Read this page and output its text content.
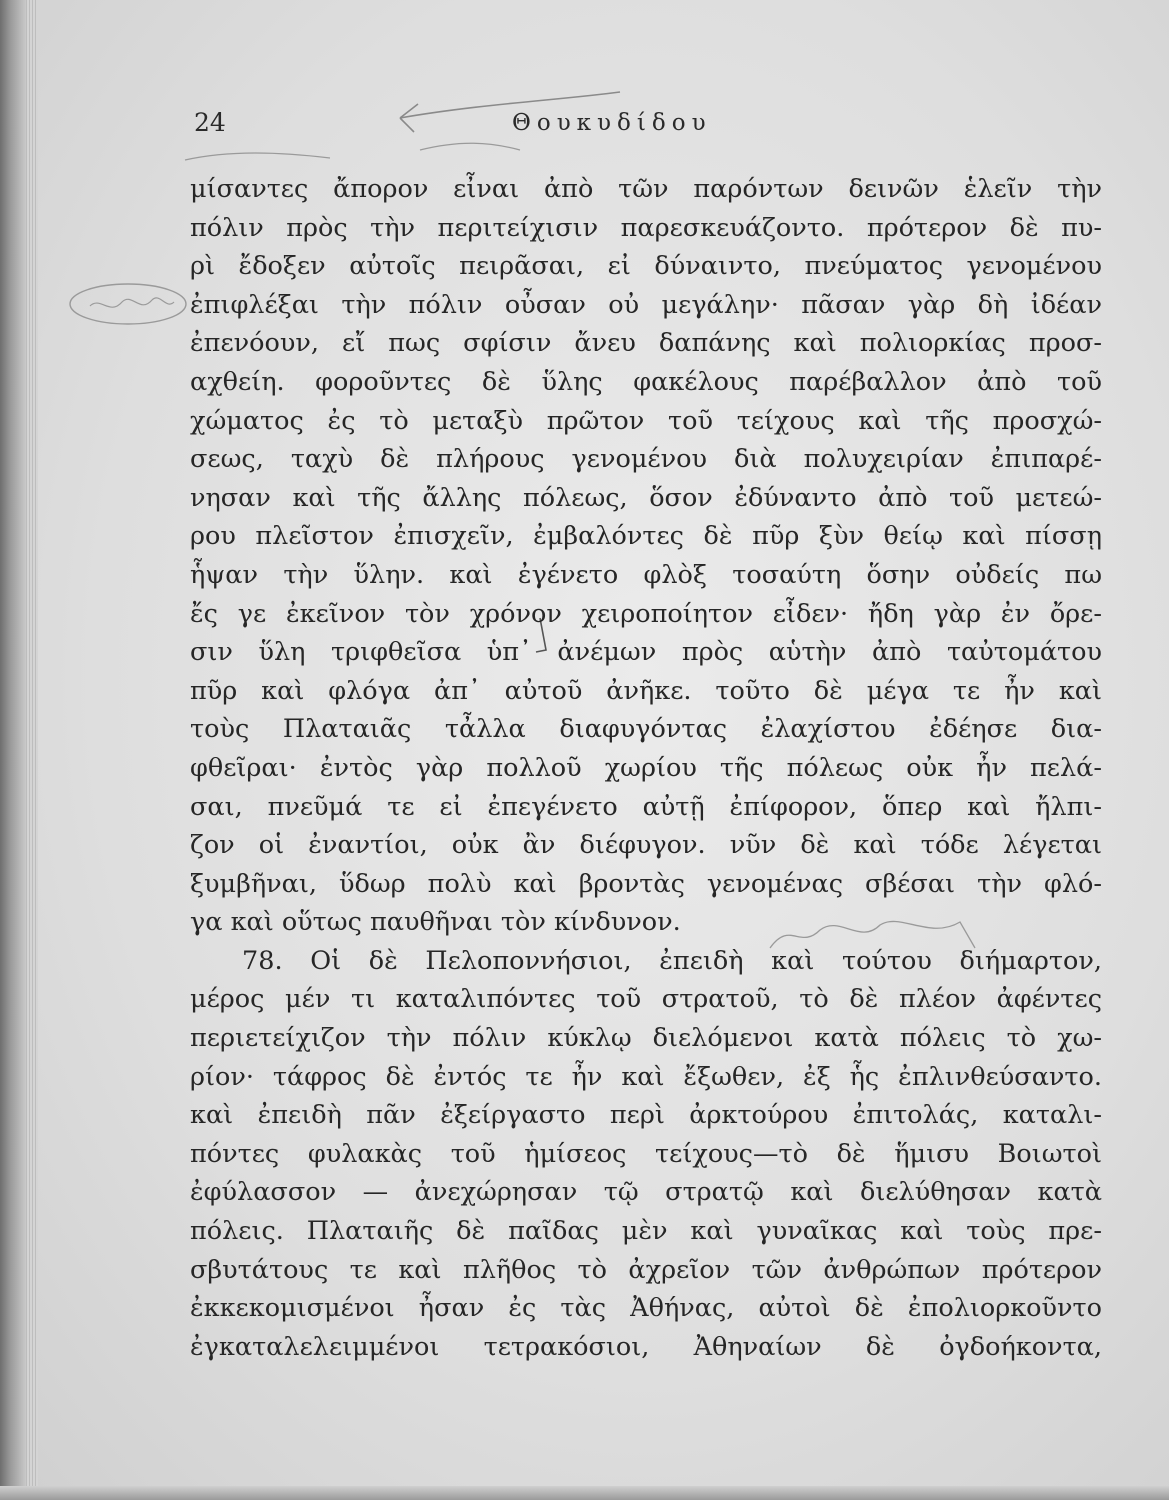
24	Θουκυδίδου
μίσαντες ἄπορον εἶναι ἀπὸ τῶν παρόντων δεινῶν ἑλεῖν τὴν
πόλιν πρὸς τὴν περιτείχισιν παρεσκευάζοντο. πρότερον δὲ πυ-
ρὶ ἔδοξεν αὐτοῖς πειρᾶσαι, εἰ δύναιντο, πνεύματος γενομένου
ἐπιφλέξαι τὴν πόλιν οὖσαν οὐ μεγάλην· πᾶσαν γὰρ δὴ ἰδέαν
ἐπενόουν, εἴ πως σφίσιν ἄνευ δαπάνης καὶ πολιορκίας προσ-
αχθείη. φοροῦντες δὲ ὕλης φακέλους παρέβαλλον ἀπὸ τοῦ
χώματος ἐς τὸ μεταξὺ πρῶτον τοῦ τείχους καὶ τῆς προσχώ-
σεως, ταχὺ δὲ πλήρους γενομένου διὰ πολυχειρίαν ἐπιπαρέ-
νησαν καὶ τῆς ἄλλης πόλεως, ὅσον ἐδύναντο ἀπὸ τοῦ μετεώ-
ρου πλεῖστον ἐπισχεῖν, ἐμβαλόντες δὲ πῦρ ξὺν θείῳ καὶ πίσσῃ
ἧψαν τὴν ὕλην. καὶ ἐγένετο φλὸξ τοσαύτη ὅσην οὐδείς πω
ἔς γε ἐκεῖνον τὸν χρόνον χειροποίητον εἶδεν· ἤδη γὰρ ἐν ὄρε-
σιν ὕλη τριφθεῖσα ὑπ᾽ ἀνέμων πρὸς αὑτὴν ἀπὸ ταὐτομάτου
πῦρ καὶ φλόγα ἀπ᾽ αὐτοῦ ἀνῆκε. τοῦτο δὲ μέγα τε ἦν καὶ
τοὺς Πλαταιᾶς τἆλλα διαφυγόντας ἐλαχίστου ἐδέησε δια-
φθεῖραι· ἐντὸς γὰρ πολλοῦ χωρίου τῆς πόλεως οὐκ ἦν πελά-
σαι, πνεῦμά τε εἰ ἐπεγένετο αὐτῇ ἐπίφορον, ὅπερ καὶ ἤλπι-
ζον οἱ ἐναντίοι, οὐκ ἂν διέφυγον. νῦν δὲ καὶ τόδε λέγεται
ξυμβῆναι, ὕδωρ πολὺ καὶ βροντὰς γενομένας σβέσαι τὴν φλό-
γα καὶ οὕτως παυθῆναι τὸν κίνδυνον.
78. Οἱ δὲ Πελοποννήσιοι, ἐπειδὴ καὶ τούτου διήμαρτον,
μέρος μέν τι καταλιπόντες τοῦ στρατοῦ, τὸ δὲ πλέον ἀφέντες
περιετείχιζον τὴν πόλιν κύκλῳ διελόμενοι κατὰ πόλεις τὸ χω-
ρίον· τάφρος δὲ ἐντός τε ἦν καὶ ἔξωθεν, ἐξ ἧς ἐπλινθεύσαντο.
καὶ ἐπειδὴ πᾶν ἐξείργαστο περὶ ἀρκτούρου ἐπιτολάς, καταλι-
πόντες φυλακὰς τοῦ ἡμίσεος τείχους—τὸ δὲ ἥμισυ Βοιωτοὶ
ἐφύλασσον — ἀνεχώρησαν τῷ στρατῷ καὶ διελύθησαν κατὰ
πόλεις. Πλαταιῆς δὲ παῖδας μὲν καὶ γυναῖκας καὶ τοὺς πρε-
σβυτάτους τε καὶ πλῆθος τὸ ἀχρεῖον τῶν ἀνθρώπων πρότερον
ἐκκεκομισμένοι ἦσαν ἐς τὰς Ἀθήνας, αὐτοὶ δὲ ἐπολιορκοῦντο
ἐγκαταλελειμμένοι τετρακόσιοι, Ἀθηναίων δὲ ὀγδοήκοντα,
